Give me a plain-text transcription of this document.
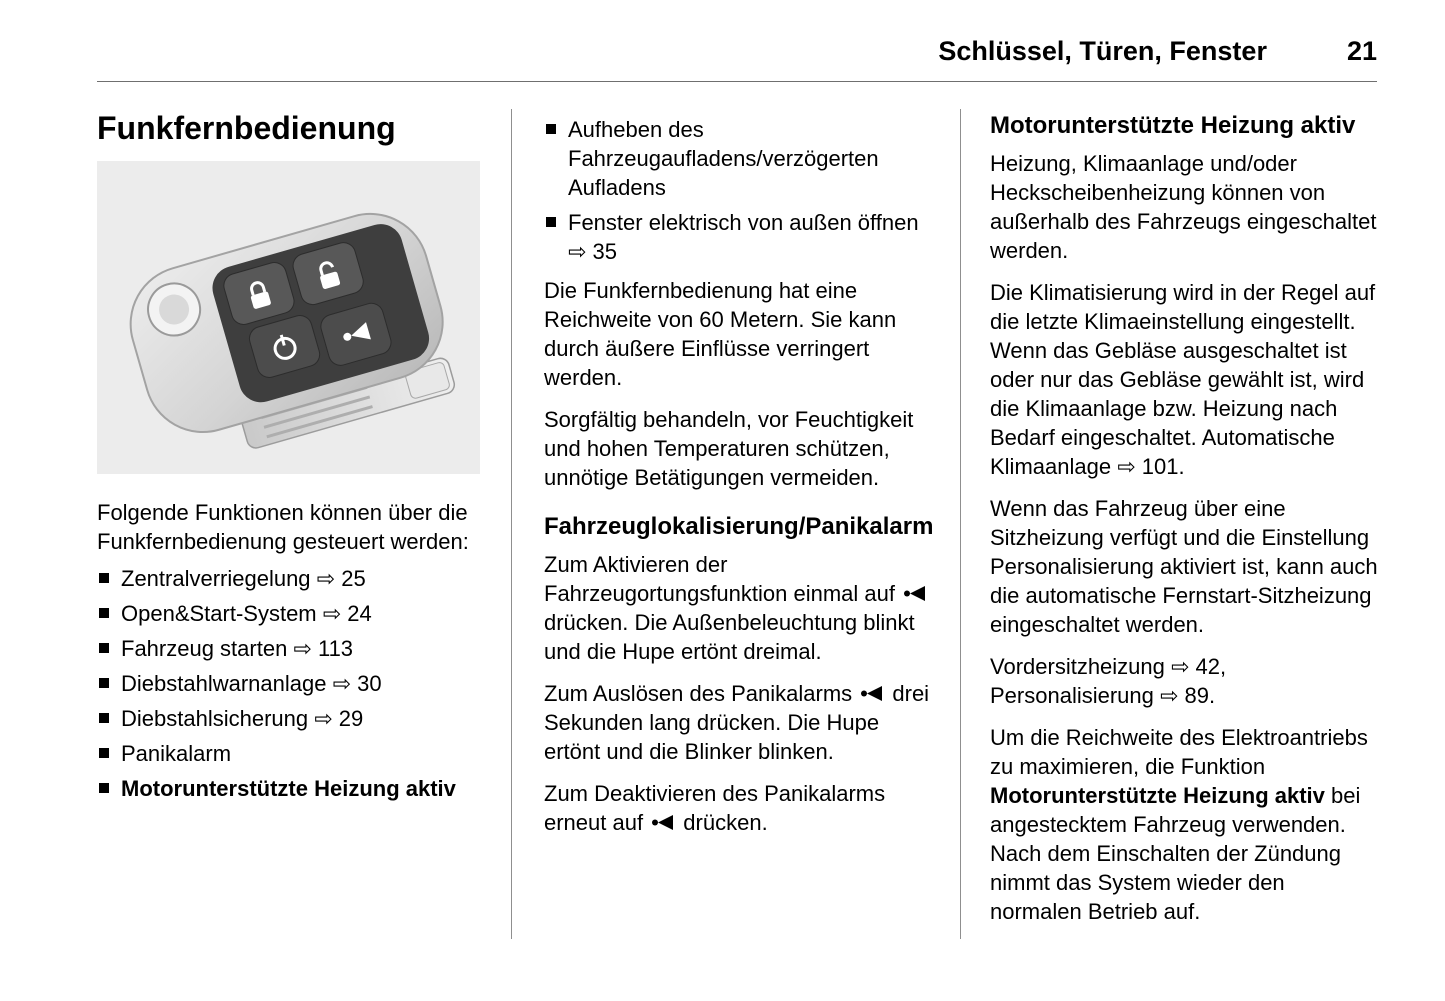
Schlüssel, Türen, Fenster	21
Funkfernbedienung

Folgende Funktionen können über die Funkfernbedienung gesteuert werden:

Zentralverriegelung ⇨ 25
Open&Start-System ⇨ 24
Fahrzeug starten ⇨ 113
Diebstahlwarnanlage ⇨ 30
Diebstahlsicherung ⇨ 29
Panikalarm
Motorunterstützte Heizung aktiv
Aufheben des Fahrzeugaufladens/verzögerten Aufladens
Fenster elektrisch von außen öffnen ⇨ 35

Die Funkfernbedienung hat eine Reichweite von 60 Metern. Sie kann durch äußere Einflüsse verringert werden.

Sorgfältig behandeln, vor Feuchtigkeit und hohen Temperaturen schützen, unnötige Betätigungen vermeiden.

Fahrzeuglokalisierung/Panikalarm

Zum Aktivieren der Fahrzeugortungsfunktion einmal auf  drücken. Die Außenbeleuchtung blinkt und die Hupe ertönt dreimal.

Zum Auslösen des Panikalarms  drei Sekunden lang drücken. Die Hupe ertönt und die Blinker blinken.

Zum Deaktivieren des Panikalarms erneut auf  drücken.

Motorunterstützte Heizung aktiv

Heizung, Klimaanlage und/oder Heckscheibenheizung können von außerhalb des Fahrzeugs eingeschaltet werden.

Die Klimatisierung wird in der Regel auf die letzte Klimaeinstellung eingestellt. Wenn das Gebläse ausgeschaltet ist oder nur das Gebläse gewählt ist, wird die Klimaanlage bzw. Heizung nach Bedarf eingeschaltet. Automatische Klimaanlage ⇨ 101.

Wenn das Fahrzeug über eine Sitzheizung verfügt und die Einstellung Personalisierung aktiviert ist, kann auch die automatische Fernstart-Sitzheizung eingeschaltet werden.

Vordersitzheizung ⇨ 42, Personalisierung ⇨ 89.

Um die Reichweite des Elektroantriebs zu maximieren, die Funktion Motorunterstützte Heizung aktiv bei angestecktem Fahrzeug verwenden. Nach dem Einschalten der Zündung nimmt das System wieder den normalen Betrieb auf.
